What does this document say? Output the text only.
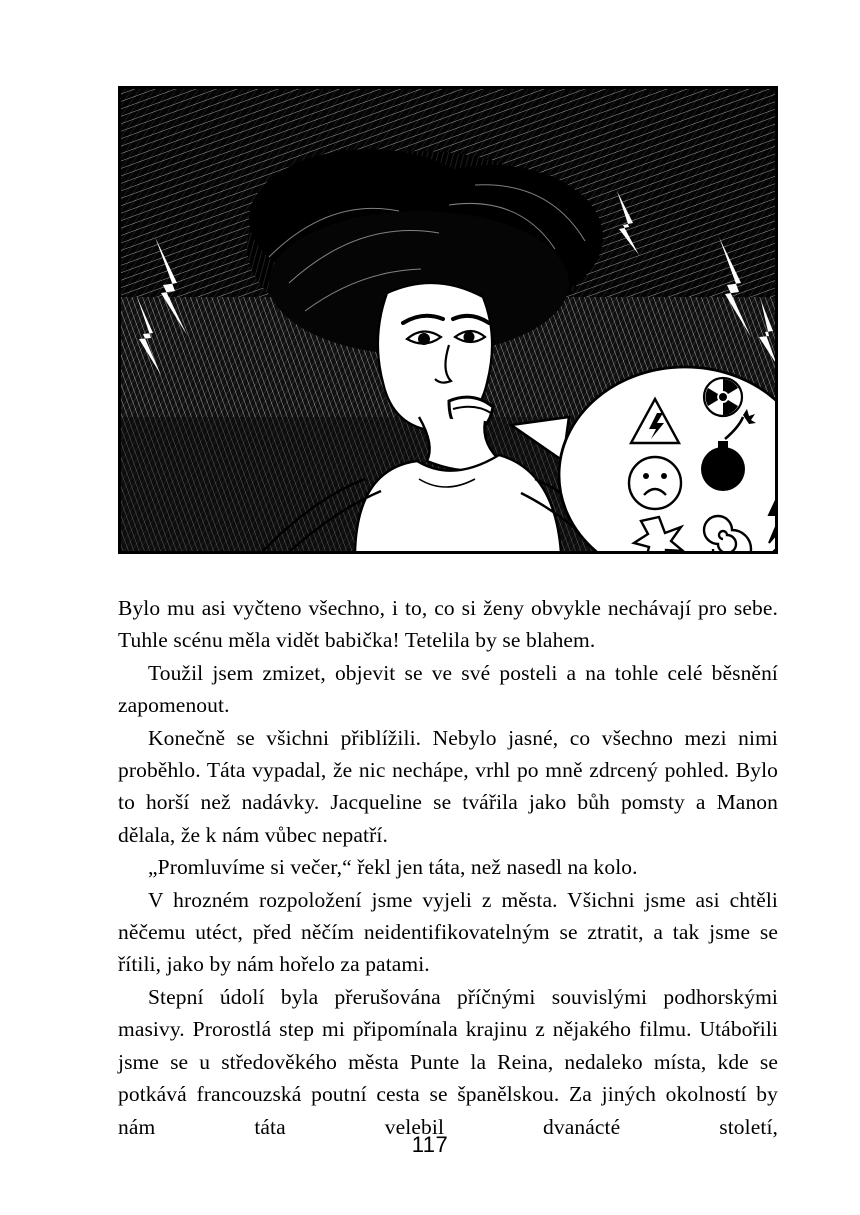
Bylo mu asi vyčteno všechno, i to, co si ženy obvykle nechávají pro sebe. Tuhle scénu měla vidět babička! Tetelila by se blahem.

Toužil jsem zmizet, objevit se ve své posteli a na tohle celé běsnění zapomenout.

Konečně se všichni přiblížili. Nebylo jasné, co všechno mezi nimi proběhlo. Táta vypadal, že nic nechápe, vrhl po mně zdrcený pohled. Bylo to horší než nadávky. Jacqueline se tvářila jako bůh pomsty a Manon dělala, že k nám vůbec nepatří.

„Promluvíme si večer,“ řekl jen táta, než nasedl na kolo.

V hrozném rozpoložení jsme vyjeli z města. Všichni jsme asi chtěli něčemu utéct, před něčím neidentifikovatelným se ztratit, a tak jsme se řítili, jako by nám hořelo za patami.

Stepní údolí byla přerušována příčnými souvislými podhorskými masivy. Prorostlá step mi připomínala krajinu z nějakého filmu. Utábořili jsme se u středověkého města Punte la Reina, nedaleko místa, kde se potkává francouzská poutní cesta se španělskou. Za jiných okolností by nám táta velebil dvanácté století,

117
